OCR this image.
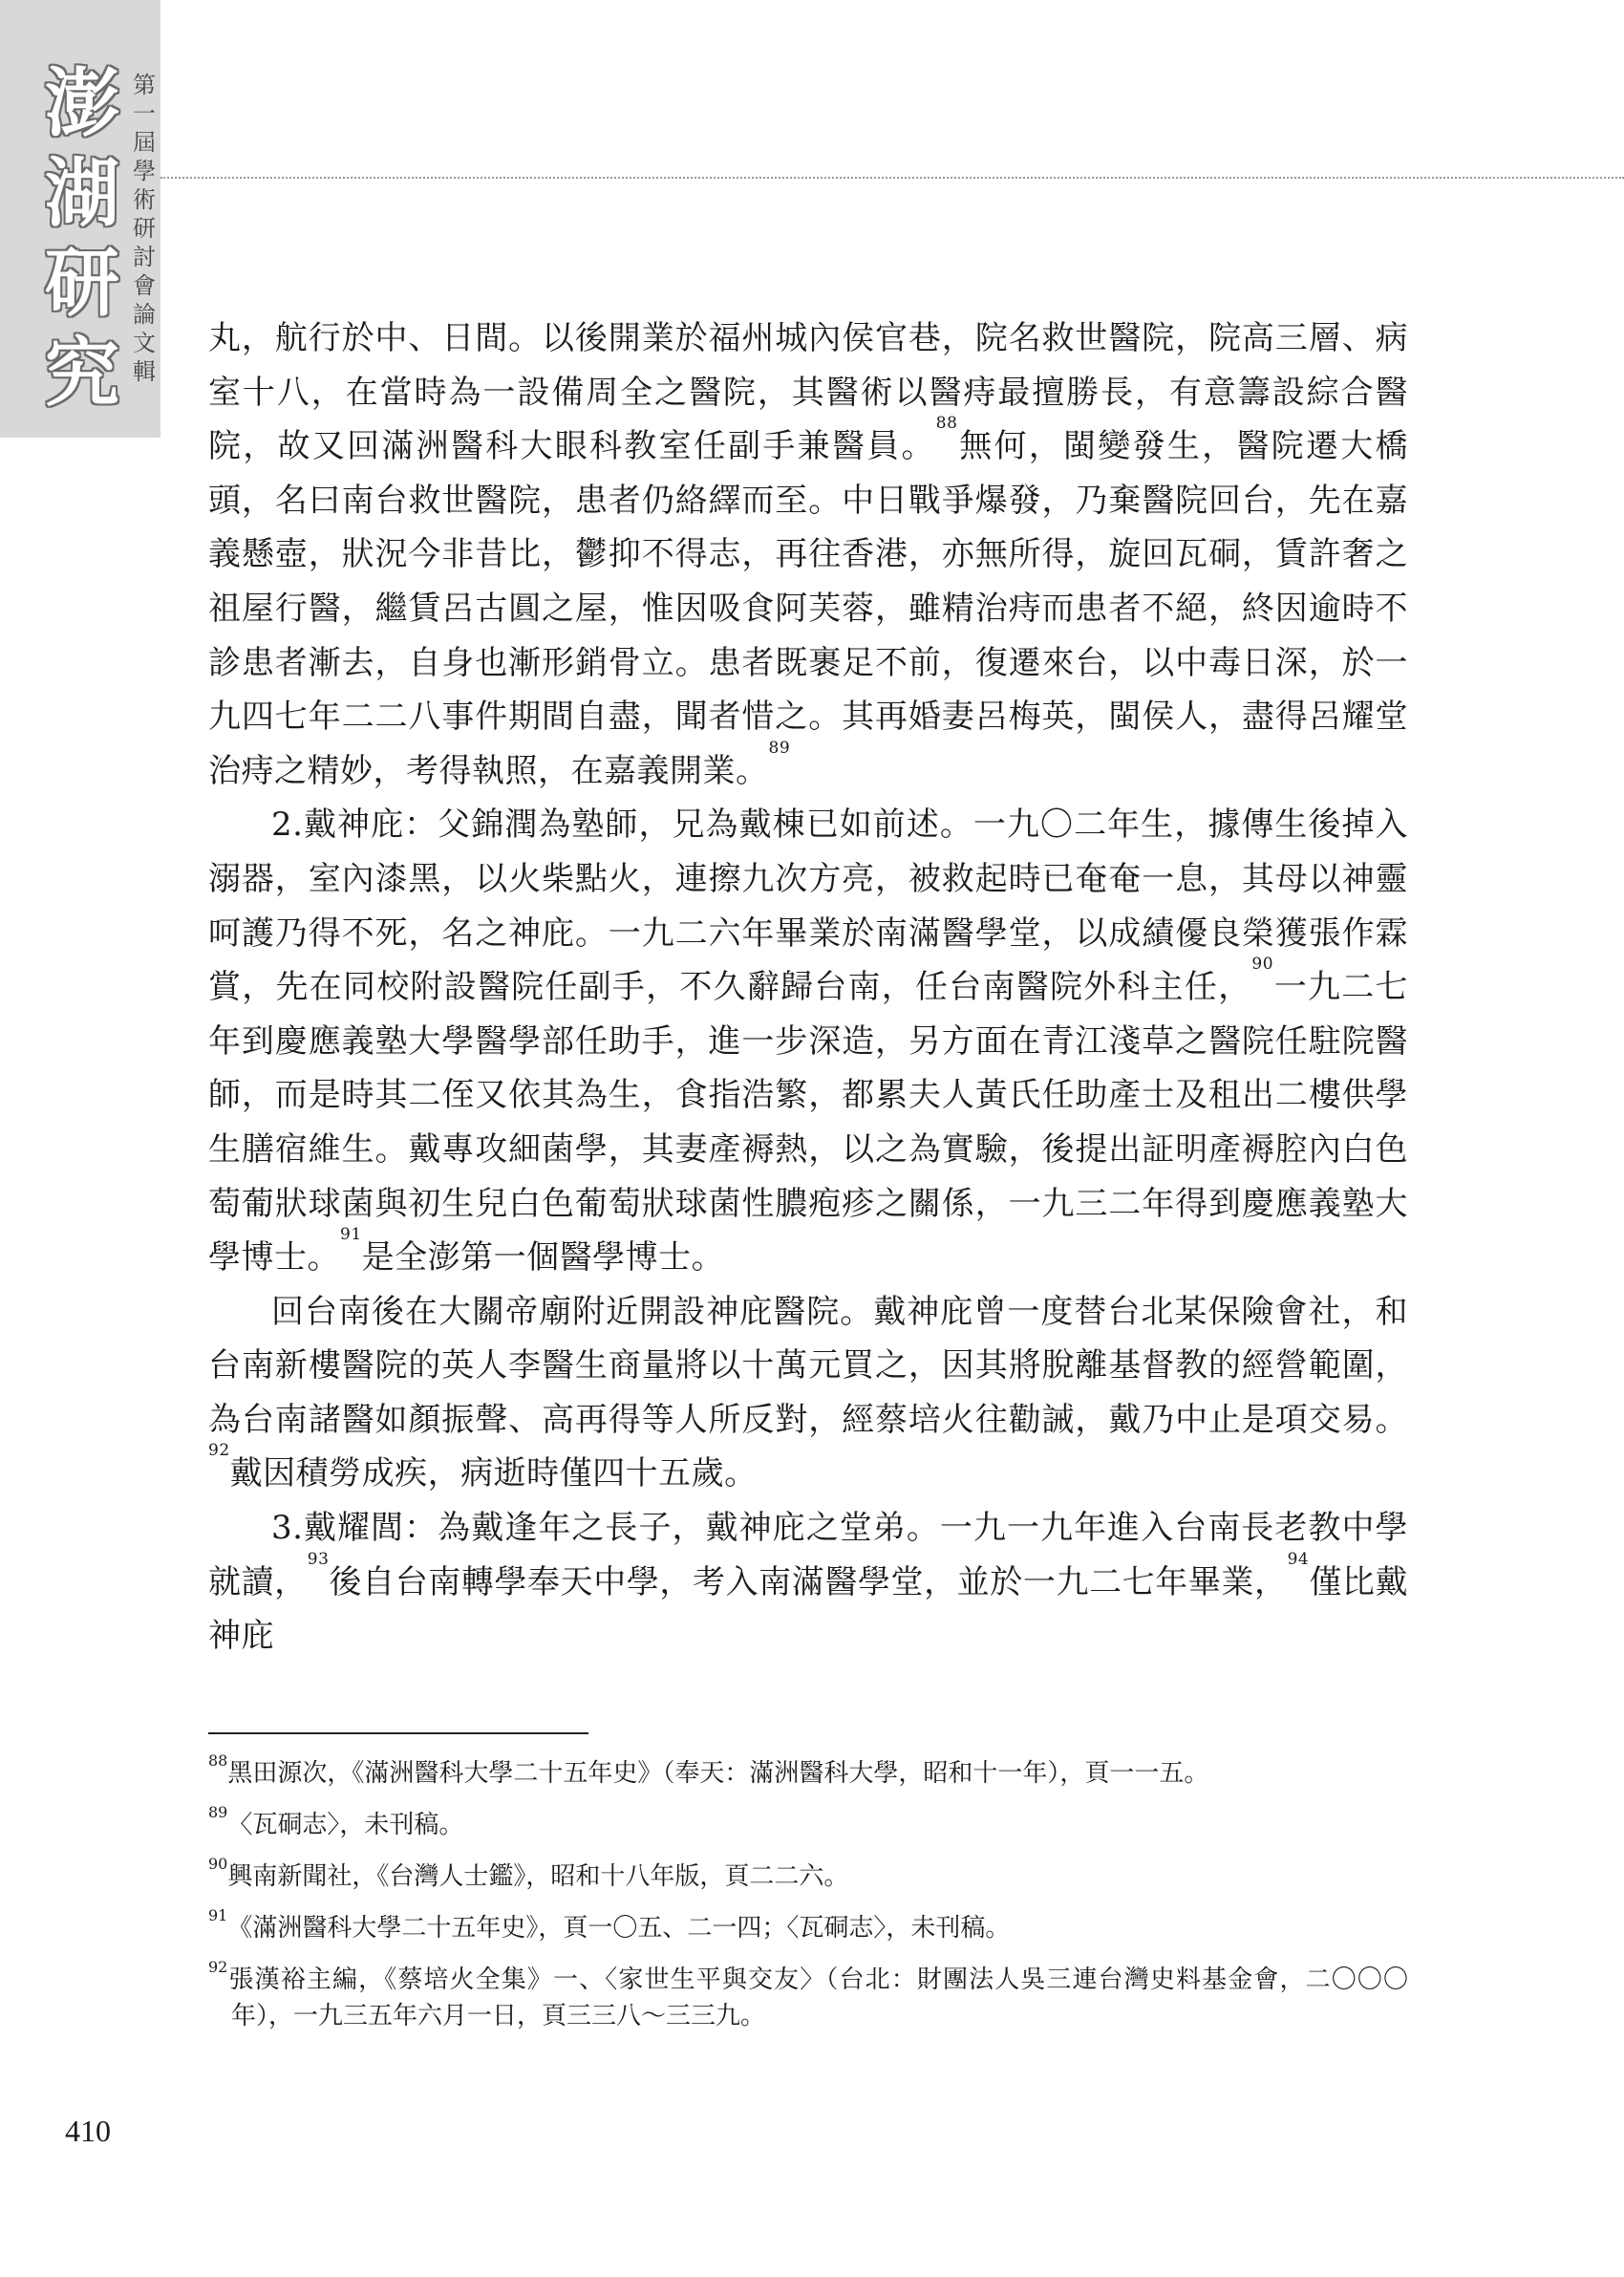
澎
湖
研
究
第
一
屆
學
術
研
討
會
論
文
輯

丸，航行於中、日間。以後開業於福州城內侯官巷，院名救世醫院，院高三層、病室十八，在當時為一設備周全之醫院，其醫術以醫痔最擅勝長，有意籌設綜合醫院，故又回滿洲醫科大眼科教室任副手兼醫員。$^{88}$無何，閩變發生，醫院遷大橋頭，名曰南台救世醫院，患者仍絡繹而至。中日戰爭爆發，乃棄醫院回台，先在嘉義懸壺，狀況今非昔比，鬱抑不得志，再往香港，亦無所得，旋回瓦硐，賃許奢之祖屋行醫，繼賃呂古圓之屋，惟因吸食阿芙蓉，雖精治痔而患者不絕，終因逾時不診患者漸去，自身也漸形銷骨立。患者既裹足不前，復遷來台，以中毒日深，於一九四七年二二八事件期間自盡，聞者惜之。其再婚妻呂梅英，閩侯人，盡得呂耀堂治痔之精妙，考得執照，在嘉義開業。$^{89}$

2.戴神庇：父錦潤為塾師，兄為戴棟已如前述。一九〇二年生，據傳生後掉入溺器，室內漆黑，以火柴點火，連擦九次方亮，被救起時已奄奄一息，其母以神靈呵護乃得不死，名之神庇。一九二六年畢業於南滿醫學堂，以成績優良榮獲張作霖賞，先在同校附設醫院任副手，不久辭歸台南，任台南醫院外科主任，$^{90}$一九二七年到慶應義塾大學醫學部任助手，進一步深造，另方面在青江淺草之醫院任駐院醫師，而是時其二侄又依其為生，食指浩繁，都累夫人黃氏任助產士及租出二樓供學生膳宿維生。戴專攻細菌學，其妻產褥熱，以之為實驗，後提出証明產褥腔內白色萄葡狀球菌與初生兒白色葡萄狀球菌性膿疱疹之關係，一九三二年得到慶應義塾大學博士。$^{91}$是全澎第一個醫學博士。

回台南後在大關帝廟附近開設神庇醫院。戴神庇曾一度替台北某保險會社，和台南新樓醫院的英人李醫生商量將以十萬元買之，因其將脫離基督教的經營範圍，為台南諸醫如顏振聲、高再得等人所反對，經蔡培火往勸誡，戴乃中止是項交易。$^{92}$戴因積勞成疾，病逝時僅四十五歲。

3.戴耀閭：為戴逢年之長子，戴神庇之堂弟。一九一九年進入台南長老教中學就讀，$^{93}$後自台南轉學奉天中學，考入南滿醫學堂，並於一九二七年畢業，$^{94}$僅比戴神庇

$^{88}$黑田源次，《滿洲醫科大學二十五年史》（奉天：滿洲醫科大學，昭和十一年），頁一一五。

$^{89}$〈瓦硐志〉，未刊稿。

$^{90}$興南新聞社，《台灣人士鑑》，昭和十八年版，頁二二六。

$^{91}$《滿洲醫科大學二十五年史》，頁一〇五、二一四；〈瓦硐志〉，未刊稿。

$^{92}$張漢裕主編，《蔡培火全集》一、〈家世生平與交友〉（台北：財團法人吳三連台灣史料基金會，二〇〇〇年），一九三五年六月一日，頁三三八～三三九。

410
